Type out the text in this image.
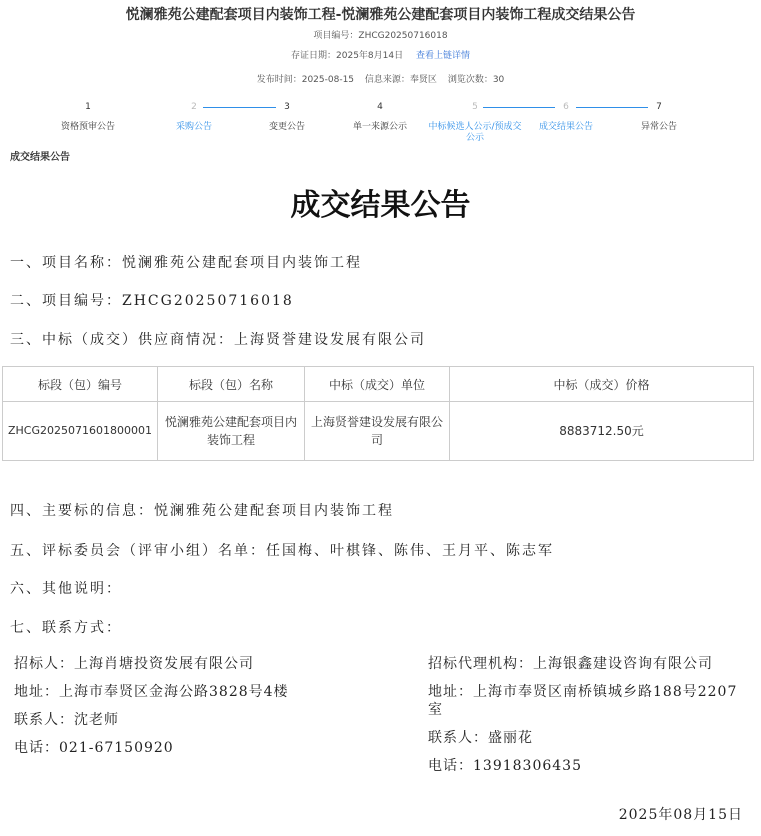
悦澜雅苑公建配套项目内装饰工程-悦澜雅苑公建配套项目内装饰工程成交结果公告
项目编号：ZHCG20250716018
存证日期：2025年8月14日 查看上链详情
发布时间：2025-08-15 信息来源：奉贤区 浏览次数：30
1
资格预审公告
2
采购公告
3
变更公告
4
单一来源公示
5
中标候选人公示/预成交公示
6
成交结果公告
7
异常公告
成交结果公告
成交结果公告
一、项目名称：悦澜雅苑公建配套项目内装饰工程
二、项目编号：ZHCG20250716018
三、中标（成交）供应商情况：上海贤誉建设发展有限公司
标段（包）编号	标段（包）名称	中标（成交）单位	中标（成交）价格
ZHCG2025071601800001	悦澜雅苑公建配套项目内装饰工程	上海贤誉建设发展有限公司	8883712.50元
四、主要标的信息：悦澜雅苑公建配套项目内装饰工程
五、评标委员会（评审小组）名单：任国梅、叶棋锋、陈伟、王月平、陈志军
六、其他说明：
七、联系方式：
招标人：上海肖塘投资发展有限公司
地址：上海市奉贤区金海公路3828号4楼
联系人：沈老师
电话：021-67150920
招标代理机构：上海银鑫建设咨询有限公司
地址：上海市奉贤区南桥镇城乡路188号2207室
联系人：盛丽花
电话：13918306435
2025年08月15日
